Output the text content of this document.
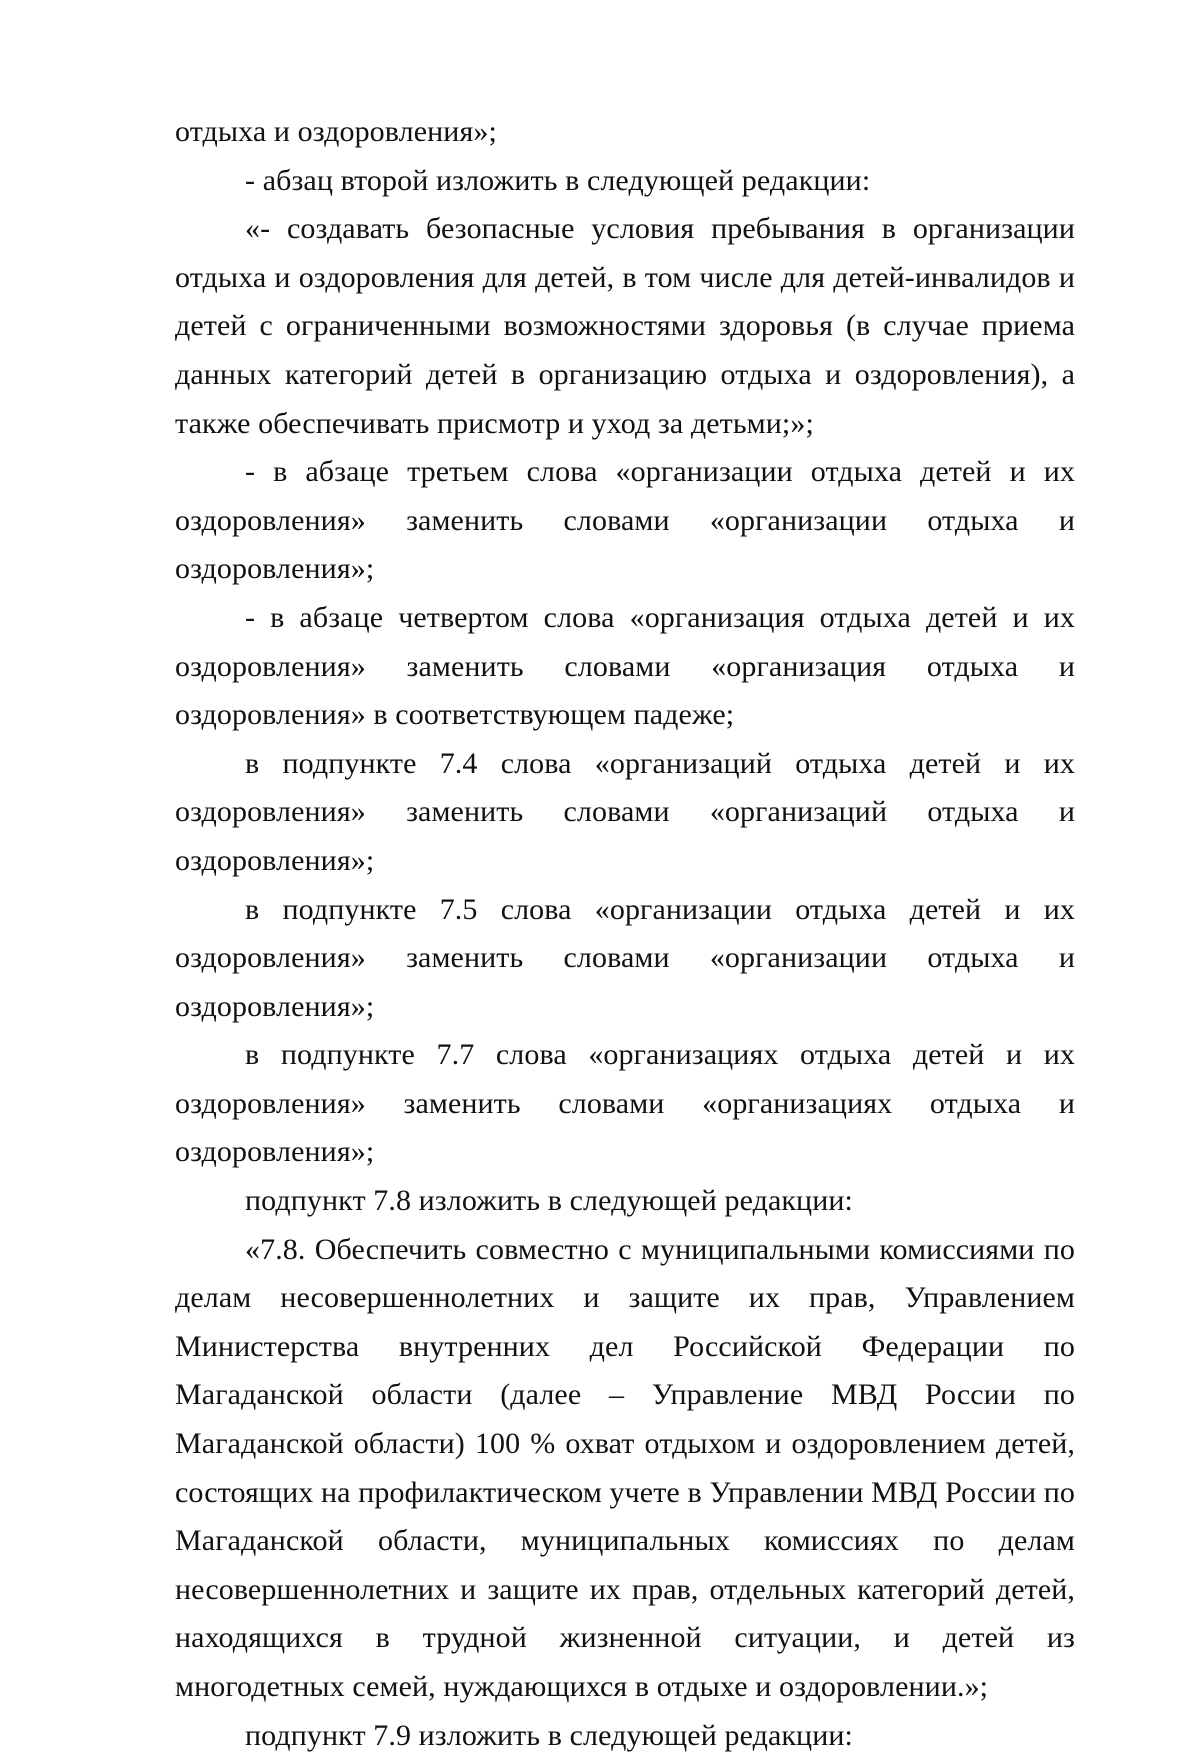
отдыха и оздоровления»;

- абзац второй изложить в следующей редакции:

«- создавать безопасные условия пребывания в организации отдыха и оздоровления для детей, в том числе для детей-инвалидов и детей с ограниченными возможностями здоровья (в случае приема данных категорий детей в организацию отдыха и оздоровления), а также обеспечивать присмотр и уход за детьми;»;

- в абзаце третьем слова «организации отдыха детей и их оздоровления» заменить словами «организации отдыха и оздоровления»;

- в абзаце четвертом слова «организация отдыха детей и их оздоровления» заменить словами «организация отдыха и оздоровления» в соответствующем падеже;

в подпункте 7.4 слова «организаций отдыха детей и их оздоровления» заменить словами «организаций отдыха и оздоровления»;

в подпункте 7.5 слова «организации отдыха детей и их оздоровления» заменить словами «организации отдыха и оздоровления»;

в подпункте 7.7 слова «организациях отдыха детей и их оздоровления» заменить словами «организациях отдыха и оздоровления»;

подпункт 7.8 изложить в следующей редакции:

«7.8. Обеспечить совместно с муниципальными комиссиями по делам несовершеннолетних и защите их прав, Управлением Министерства внутренних дел Российской Федерации по Магаданской области (далее – Управление МВД России по Магаданской области) 100 % охват отдыхом и оздоровлением детей, состоящих на профилактическом учете в Управлении МВД России по Магаданской области, муниципальных комиссиях по делам несовершеннолетних и защите их прав, отдельных категорий детей, находящихся в трудной жизненной ситуации, и детей из многодетных семей, нуждающихся в отдыхе и оздоровлении.»;

подпункт 7.9 изложить в следующей редакции:
